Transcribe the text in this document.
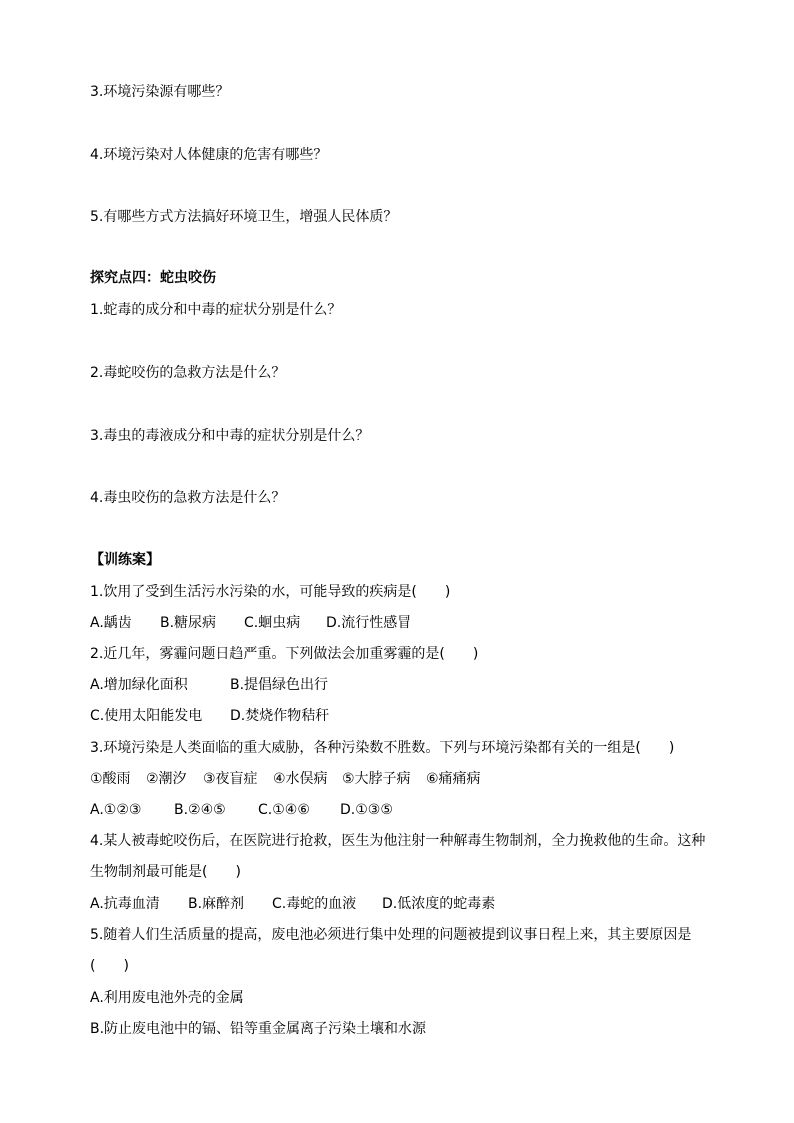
3.环境污染源有哪些？
4.环境污染对人体健康的危害有哪些？
5.有哪些方式方法搞好环境卫生，增强人民体质？
探究点四：蛇虫咬伤
1.蛇毒的成分和中毒的症状分别是什么？
2.毒蛇咬伤的急救方法是什么？
3.毒虫的毒液成分和中毒的症状分别是什么？
4.毒虫咬伤的急救方法是什么？
【训练案】
1.饮用了受到生活污水污染的水，可能导致的疾病是(　　)
A.龋齿 B.糖尿病 C.蛔虫病 D.流行性感冒
2.近几年，雾霾问题日趋严重。下列做法会加重雾霾的是(　　)
A.增加绿化面积	B.提倡绿色出行
C.使用太阳能发电 D.焚烧作物秸秆
3.环境污染是人类面临的重大威胁，各种污染数不胜数。下列与环境污染都有关的一组是(　　)
①酸雨 ②潮汐 ③夜盲症 ④水俣病 ⑤大脖子病 ⑥痛痛病
A.①②③ B.②④⑤ C.①④⑥ D.①③⑤
4.某人被毒蛇咬伤后，在医院进行抢救，医生为他注射一种解毒生物制剂，全力挽救他的生命。这种
生物制剂最可能是(　　)
A.抗毒血清 B.麻醉剂 C.毒蛇的血液 D.低浓度的蛇毒素
5.随着人们生活质量的提高，废电池必须进行集中处理的问题被提到议事日程上来，其主要原因是
(　　)
A.利用废电池外壳的金属
B.防止废电池中的镉、铅等重金属离子污染土壤和水源
